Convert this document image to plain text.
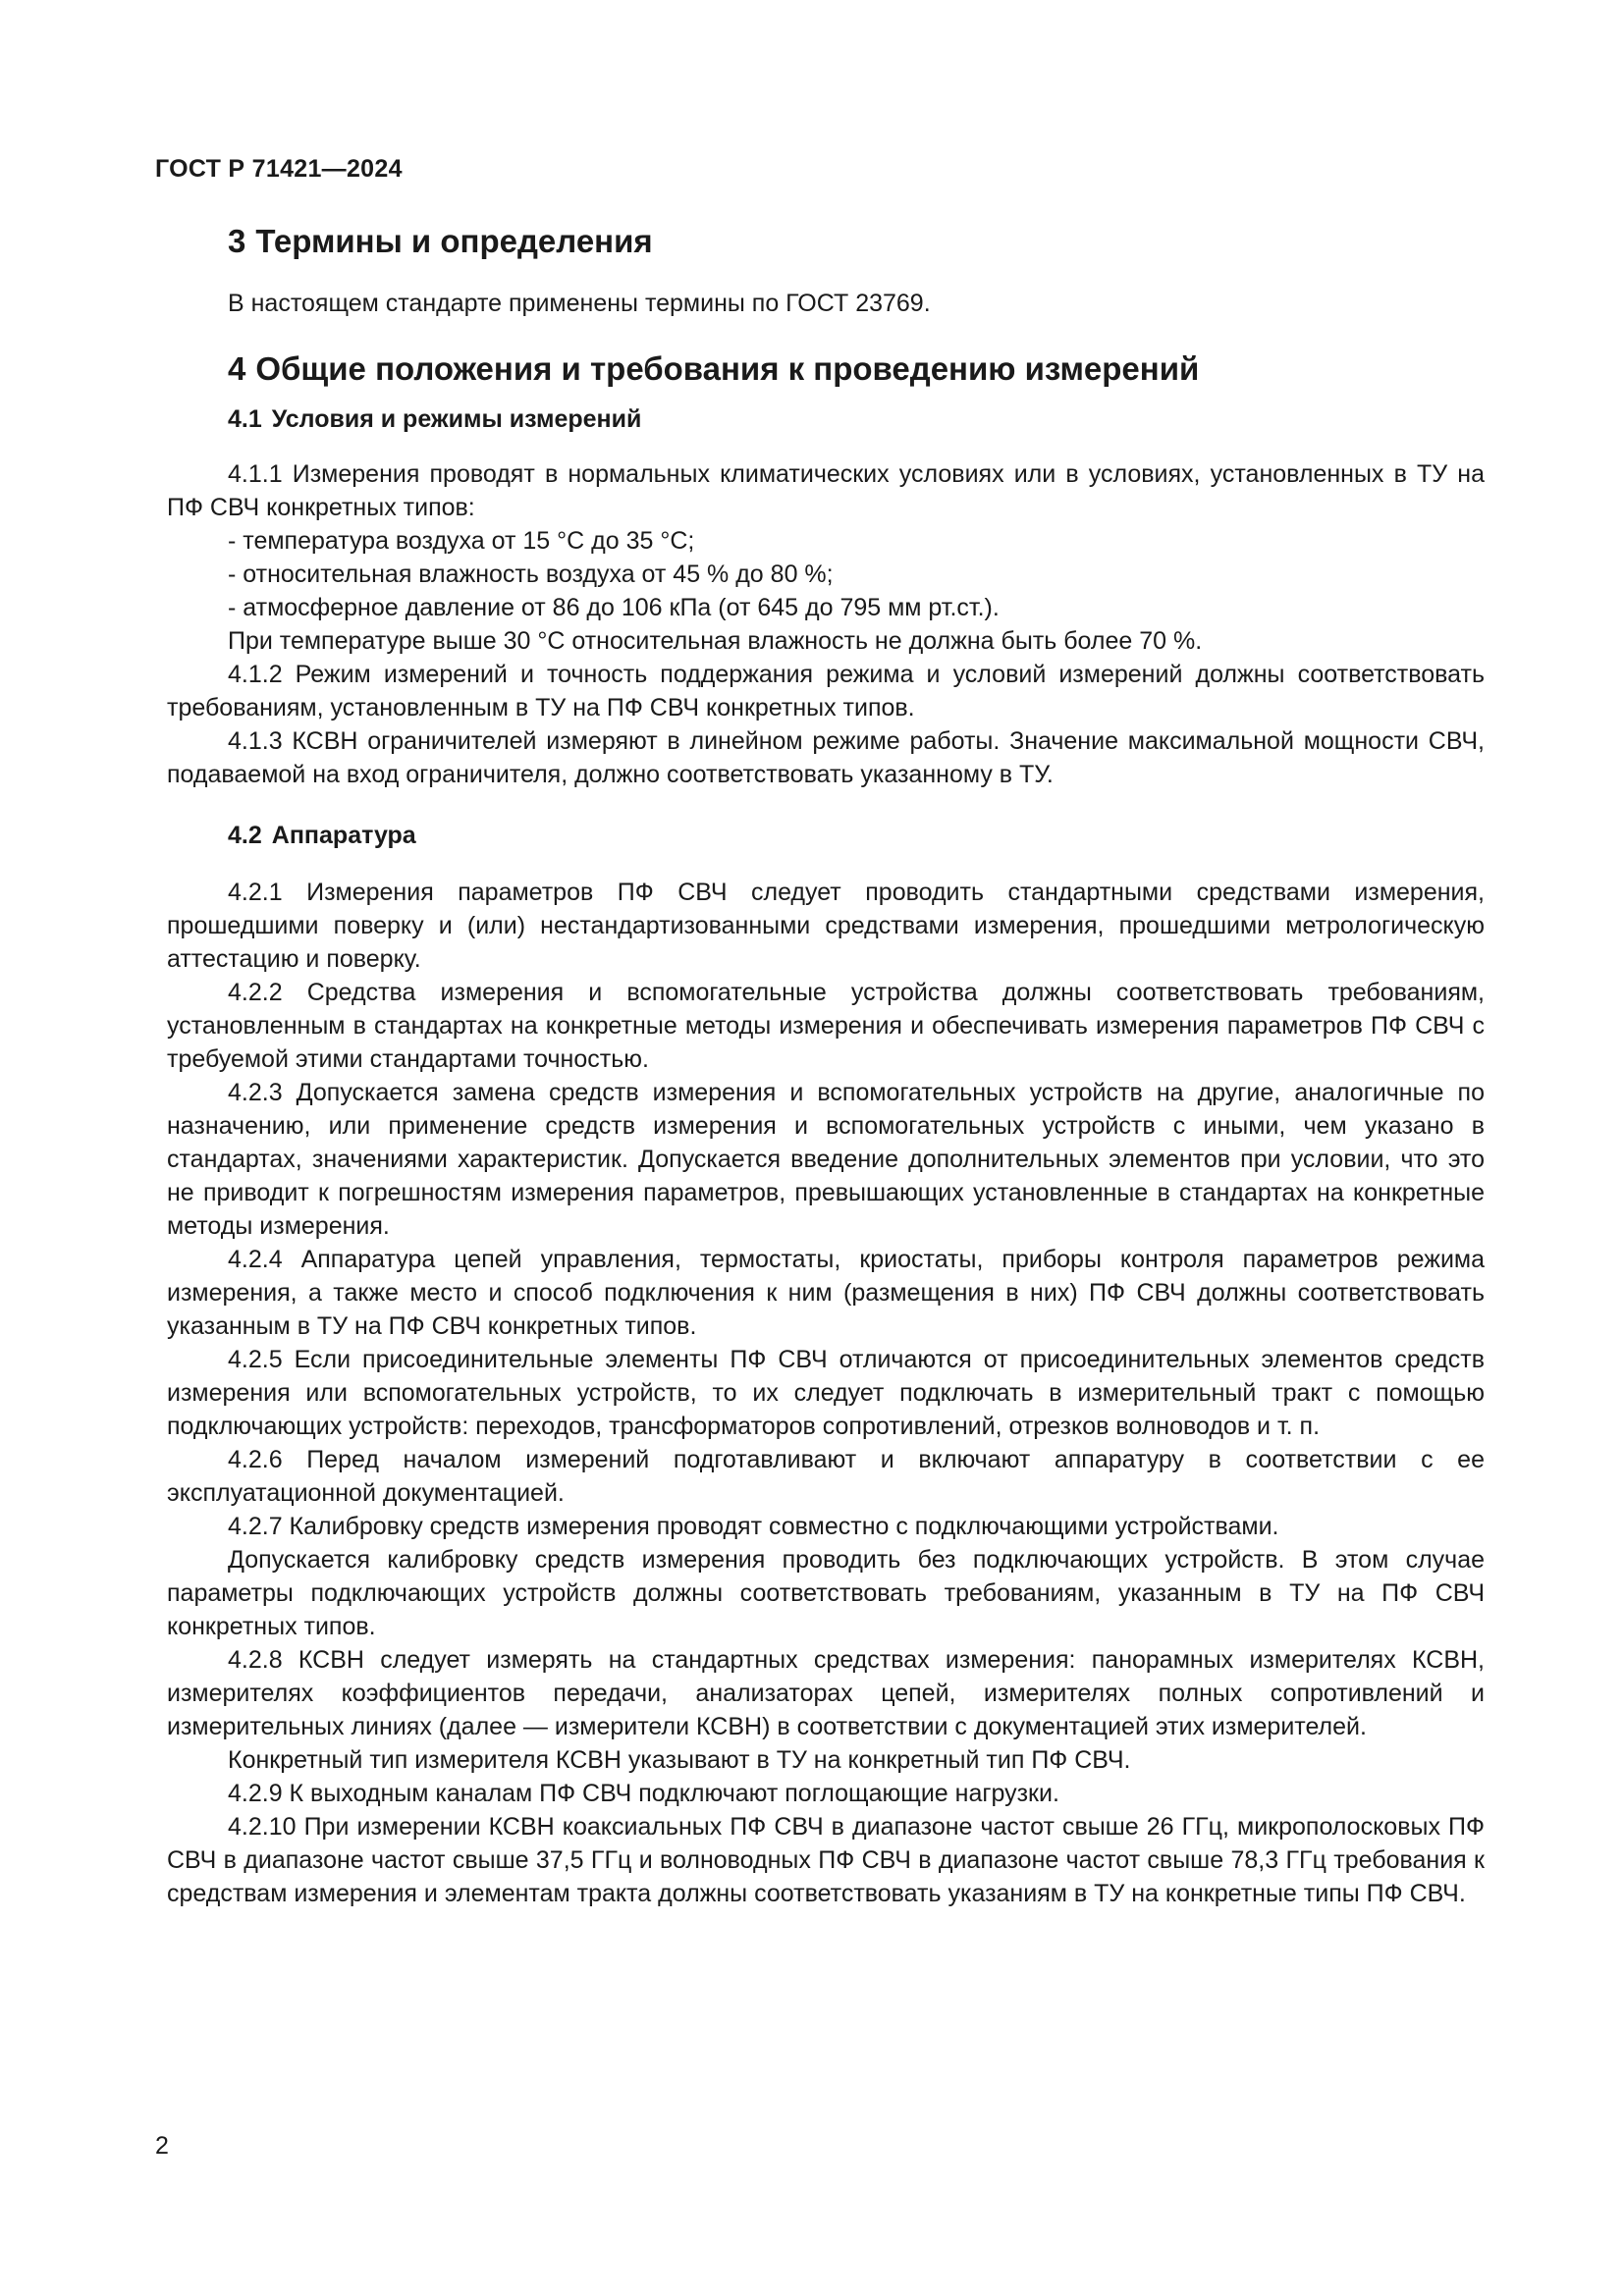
ГОСТ Р 71421—2024
3 Термины и определения

В настоящем стандарте применены термины по ГОСТ 23769.

4 Общие положения и требования к проведению измерений
4.1 Условия и режимы измерений

4.1.1 Измерения проводят в нормальных климатических условиях или в условиях, установленных в ТУ на ПФ СВЧ конкретных типов:

- температура воздуха от 15 °С до 35 °С;

- относительная влажность воздуха от 45 % до 80 %;

- атмосферное давление от 86 до 106 кПа (от 645 до 795 мм рт.ст.).

При температуре выше 30 °С относительная влажность не должна быть более 70 %.

4.1.2 Режим измерений и точность поддержания режима и условий измерений должны соответствовать требованиям, установленным в ТУ на ПФ СВЧ конкретных типов.

4.1.3 КСВН ограничителей измеряют в линейном режиме работы. Значение максимальной мощности СВЧ, подаваемой на вход ограничителя, должно соответствовать указанному в ТУ.

4.2 Аппаратура

4.2.1 Измерения параметров ПФ СВЧ следует проводить стандартными средствами измерения, прошедшими поверку и (или) нестандартизованными средствами измерения, прошедшими метрологическую аттестацию и поверку.

4.2.2 Средства измерения и вспомогательные устройства должны соответствовать требованиям, установленным в стандартах на конкретные методы измерения и обеспечивать измерения параметров ПФ СВЧ с требуемой этими стандартами точностью.

4.2.3 Допускается замена средств измерения и вспомогательных устройств на другие, аналогичные по назначению, или применение средств измерения и вспомогательных устройств с иными, чем указано в стандартах, значениями характеристик. Допускается введение дополнительных элементов при условии, что это не приводит к погрешностям измерения параметров, превышающих установленные в стандартах на конкретные методы измерения.

4.2.4 Аппаратура цепей управления, термостаты, криостаты, приборы контроля параметров режима измерения, а также место и способ подключения к ним (размещения в них) ПФ СВЧ должны соответствовать указанным в ТУ на ПФ СВЧ конкретных типов.

4.2.5 Если присоединительные элементы ПФ СВЧ отличаются от присоединительных элементов средств измерения или вспомогательных устройств, то их следует подключать в измерительный тракт с помощью подключающих устройств: переходов, трансформаторов сопротивлений, отрезков волноводов и т. п.

4.2.6 Перед началом измерений подготавливают и включают аппаратуру в соответствии с ее эксплуатационной документацией.

4.2.7 Калибровку средств измерения проводят совместно с подключающими устройствами.

Допускается калибровку средств измерения проводить без подключающих устройств. В этом случае параметры подключающих устройств должны соответствовать требованиям, указанным в ТУ на ПФ СВЧ конкретных типов.

4.2.8 КСВН следует измерять на стандартных средствах измерения: панорамных измерителях КСВН, измерителях коэффициентов передачи, анализаторах цепей, измерителях полных сопротивлений и измерительных линиях (далее — измерители КСВН) в соответствии с документацией этих измерителей.

Конкретный тип измерителя КСВН указывают в ТУ на конкретный тип ПФ СВЧ.

4.2.9 К выходным каналам ПФ СВЧ подключают поглощающие нагрузки.

4.2.10 При измерении КСВН коаксиальных ПФ СВЧ в диапазоне частот свыше 26 ГГц, микрополосковых ПФ СВЧ в диапазоне частот свыше 37,5 ГГц и волноводных ПФ СВЧ в диапазоне частот свыше 78,3 ГГц требования к средствам измерения и элементам тракта должны соответствовать указаниям в ТУ на конкретные типы ПФ СВЧ.

2
